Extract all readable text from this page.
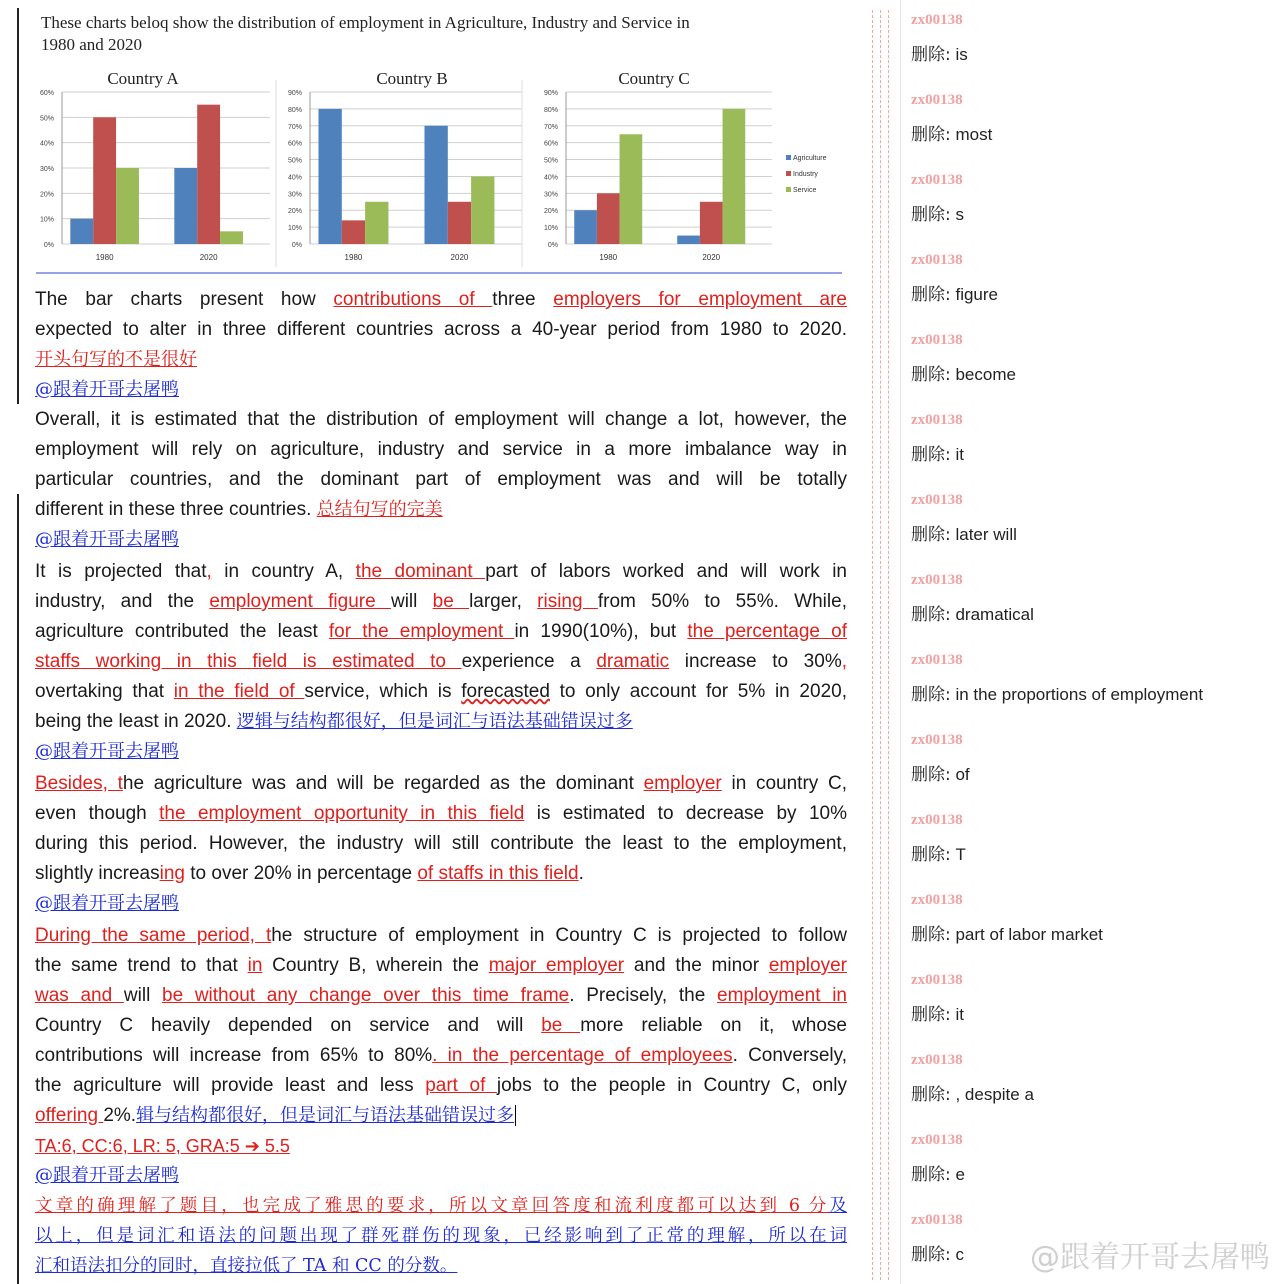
These charts beloq show the distribution of employment in Agriculture, Industry and Service in
1980 and 2020
Country A
0%
10%
20%
30%
40%
50%
60%
1980	2020
Country B
0%
10%
20%
30%
40%
50%
60%
70%
80%
90%
1980	2020
Country C
0%
10%
20%
30%
40%
50%
60%
70%
80%
90%
1980	2020
Agriculture
Industry
Service
The bar charts present how contributions of three employers for employment are
expected to alter in three different countries across a 40-year period from 1980 to 2020.
开头句写的不是很好
@跟着开哥去屠鸭
Overall, it is estimated that the distribution of employment will change a lot, however, the
employment will rely on agriculture, industry and service in a more imbalance way in
particular countries, and the dominant part of employment was and will be totally
different in these three countries. 总结句写的完美
@跟着开哥去屠鸭
It is projected that, in country A, the dominant part of labors worked and will work in
industry, and the employment figure will be larger, rising from 50% to 55%. While,
agriculture contributed the least for the employment in 1990(10%), but the percentage of
staffs working in this field is estimated to experience a dramatic increase to 30%,
overtaking that in the field of service, which is forecasted to only account for 5% in 2020,
being the least in 2020. 逻辑与结构都很好，但是词汇与语法基础错误过多
@跟着开哥去屠鸭
Besides, the agriculture was and will be regarded as the dominant employer in country C,
even though the employment opportunity in this field is estimated to decrease by 10%
during this period. However, the industry will still contribute the least to the employment,
slightly increasing to over 20% in percentage of staffs in this field.
@跟着开哥去屠鸭
During the same period, the structure of employment in Country C is projected to follow
the same trend to that in Country B, wherein the major employer and the minor employer
was and will be without any change over this time frame. Precisely, the employment in
Country C heavily depended on service and will be more reliable on it, whose
contributions will increase from 65% to 80%. in the percentage of employees. Conversely,
the agriculture will provide least and less part of jobs to the people in Country C, only
offering 2%.辑与结构都很好，但是词汇与语法基础错误过多
TA:6, CC:6, LR: 5, GRA:5 ➔ 5.5
@跟着开哥去屠鸭
文章的确理解了题目，也完成了雅思的要求，所以文章回答度和流利度都可以达到 6 分及
以上，但是词汇和语法的问题出现了群死群伤的现象，已经影响到了正常的理解，所以在词
汇和语法扣分的同时，直接拉低了 TA 和 CC 的分数。
zx00138
删除: is
zx00138
删除: most
zx00138
删除: s
zx00138
删除: figure
zx00138
删除: become
zx00138
删除: it
zx00138
删除: later will
zx00138
删除: dramatical
zx00138
删除: in the proportions of employment
zx00138
删除: of
zx00138
删除: T
zx00138
删除: part of labor market
zx00138
删除: it
zx00138
删除: , despite a
zx00138
删除: e
zx00138
删除: c	@跟着开哥去屠鸭
